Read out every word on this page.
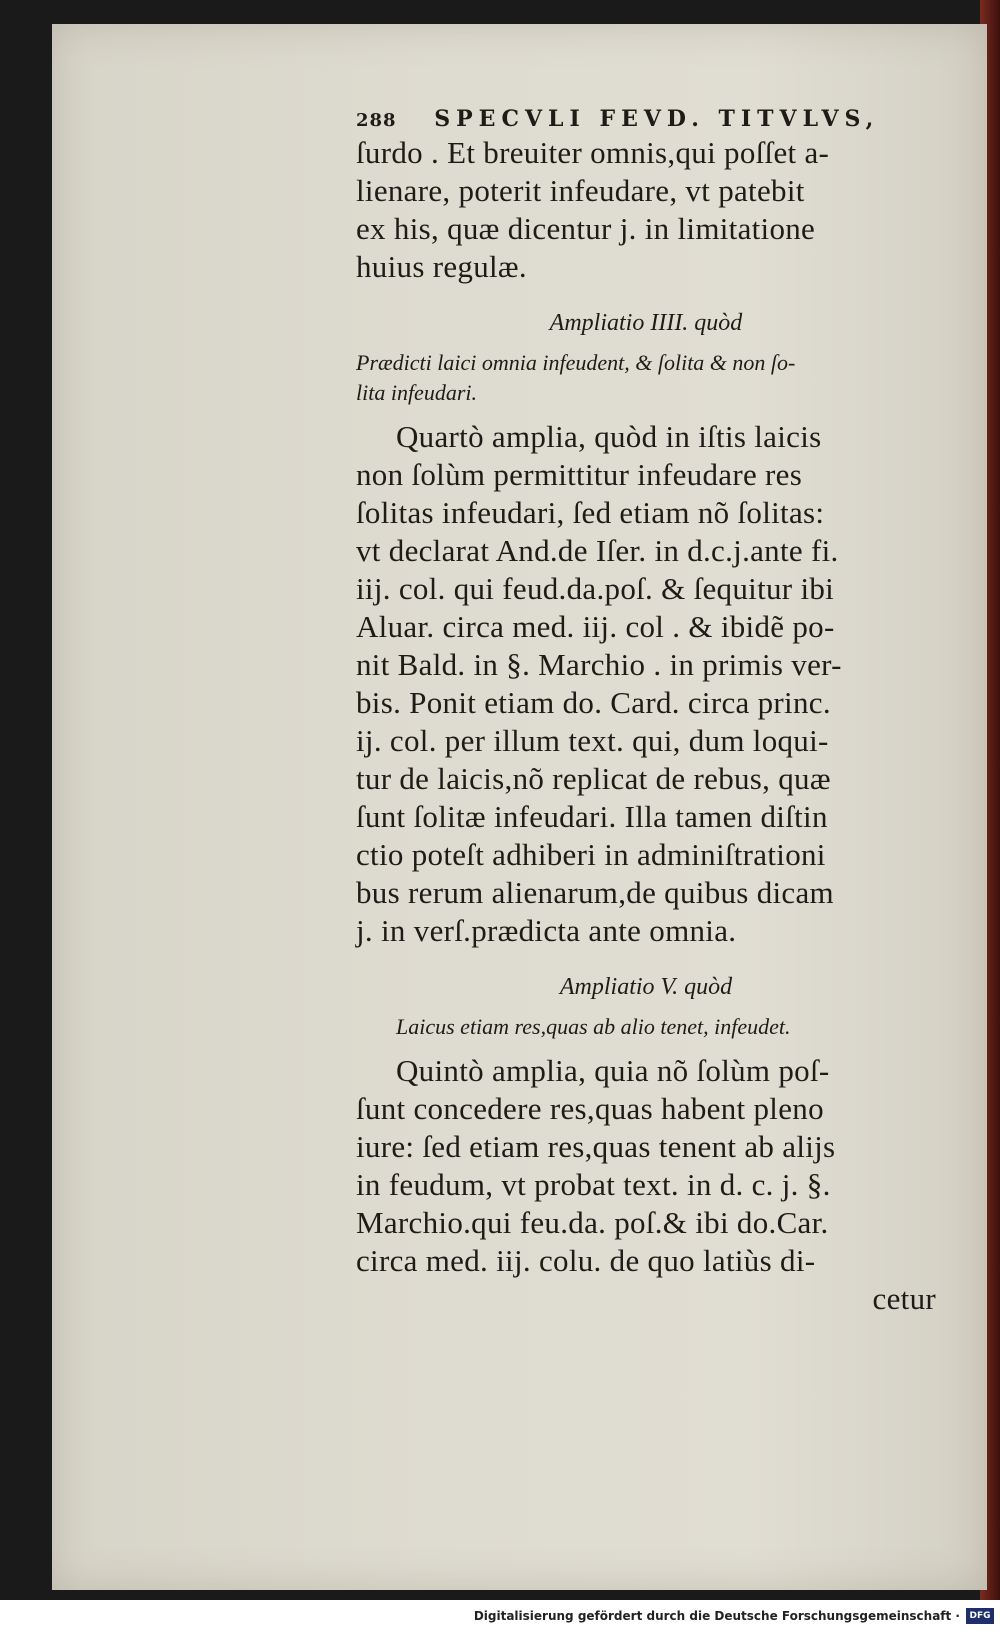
288 SPECVLI FEVD. TITVLVS,
ſurdo . Et breuiter omnis,qui poſſet a-
lienare, poterit infeudare, vt patebit
ex his, quæ dicentur j. in limitatione
huius regulæ.
Ampliatio IIII. quòd
Prædicti laici omnia infeudent, & ſolita & non ſo-
lita infeudari.
Quartò amplia, quòd in iſtis laicis
non ſolùm permittitur infeudare res
ſolitas infeudari, ſed etiam nõ ſolitas:
vt declarat And.de Iſer. in d.c.j.ante fi.
iij. col. qui feud.da.poſ. & ſequitur ibi
Aluar. circa med. iij. col . & ibidẽ po-
nit Bald. in §. Marchio . in primis ver-
bis. Ponit etiam do. Card. circa princ.
ij. col. per illum text. qui, dum loqui-
tur de laicis,nõ replicat de rebus, quæ
ſunt ſolitæ infeudari. Illa tamen diſtin
ctio poteſt adhiberi in adminiſtrationi
bus rerum alienarum,de quibus dicam
j. in verſ.prædicta ante omnia.
Ampliatio V. quòd
Laicus etiam res,quas ab alio tenet, infeudet.
Quintò amplia, quia nõ ſolùm poſ-
ſunt concedere res,quas habent pleno
iure: ſed etiam res,quas tenent ab alijs
in feudum, vt probat text. in d. c. j. §.
Marchio.qui feu.da. poſ.& ibi do.Car.
circa med. iij. colu. de quo latiùs di-
cetur
Digitalisierung gefördert durch die Deutsche Forschungsgemeinschaft ·	DFG
